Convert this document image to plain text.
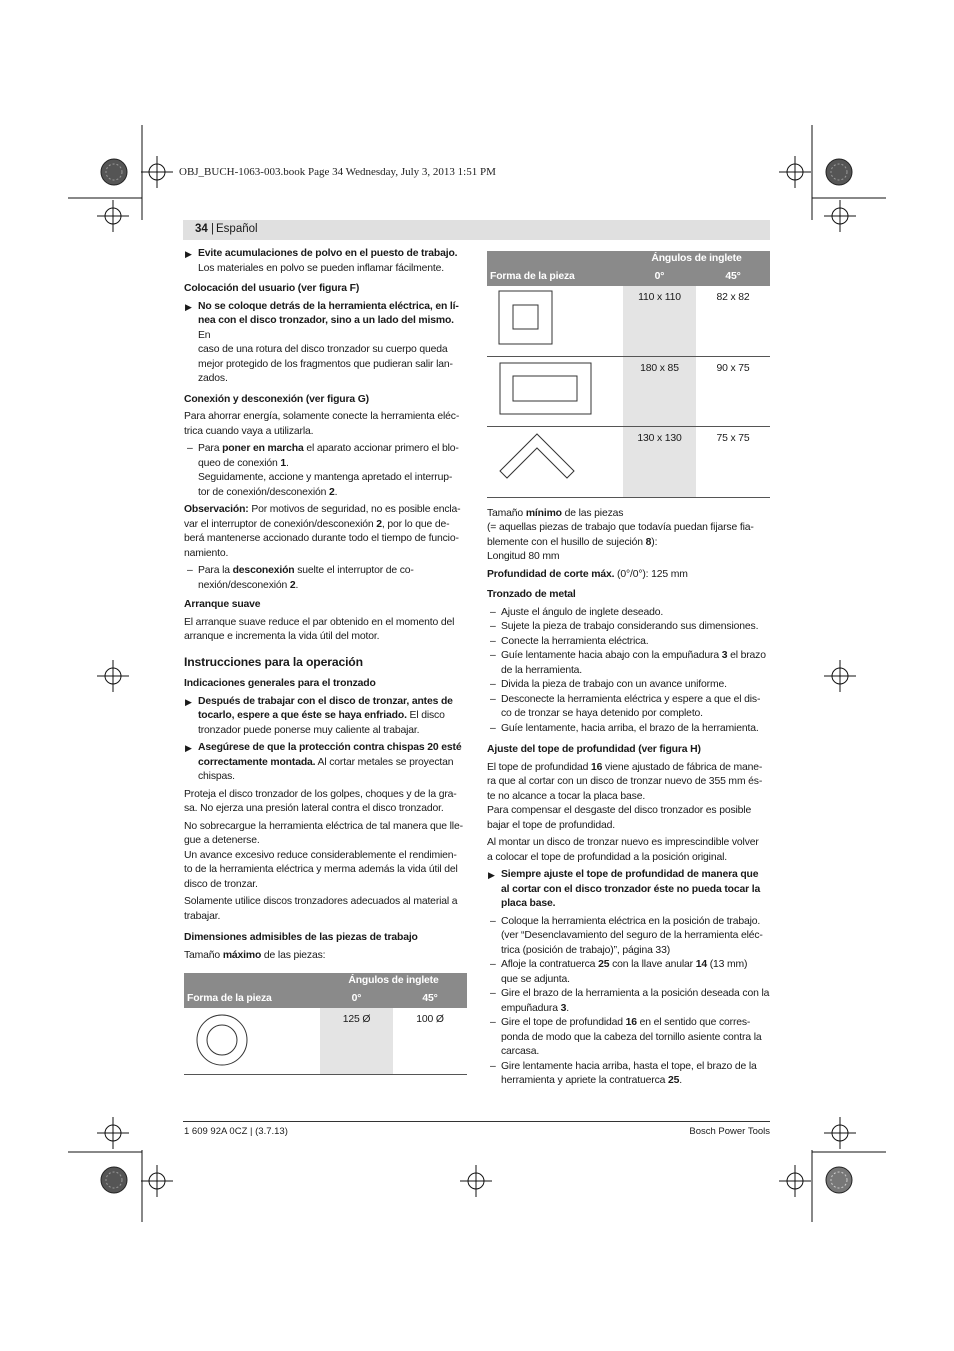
OBJ_BUCH-1063-003.book Page 34 Wednesday, July 3, 2013 1:51 PM
34 | Español
▶ Evite acumulaciones de polvo en el puesto de trabajo.
Los materiales en polvo se pueden inflamar fácilmente.
Colocación del usuario (ver figura F)
▶ No se coloque detrás de la herramienta eléctrica, en lí-
nea con el disco tronzador, sino a un lado del mismo. En
caso de una rotura del disco tronzador su cuerpo queda
mejor protegido de los fragmentos que pudieran salir lan-
zados.
Conexión y desconexión (ver figura G)

Para ahorrar energía, solamente conecte la herramienta eléc-
trica cuando vaya a utilizarla.

– Para poner en marcha el aparato accionar primero el blo-
queo de conexión 1.
Seguidamente, accione y mantenga apretado el interrup-
tor de conexión/desconexión 2.

Observación: Por motivos de seguridad, no es posible encla-
var el interruptor de conexión/desconexión 2, por lo que de-
berá mantenerse accionado durante todo el tiempo de funcio-
namiento.

– Para la desconexión suelte el interruptor de co-
nexión/desconexión 2.
Arranque suave

El arranque suave reduce el par obtenido en el momento del
arranque e incrementa la vida útil del motor.

Instrucciones para la operación
Indicaciones generales para el tronzado
▶ Después de trabajar con el disco de tronzar, antes de
tocarlo, espere a que éste se haya enfriado. El disco
tronzador puede ponerse muy caliente al trabajar.
▶ Asegúrese de que la protección contra chispas 20 esté
correctamente montada. Al cortar metales se proyectan
chispas.

Proteja el disco tronzador de los golpes, choques y de la gra-
sa. No ejerza una presión lateral contra el disco tronzador.

No sobrecargue la herramienta eléctrica de tal manera que lle-
gue a detenerse.
Un avance excesivo reduce considerablemente el rendimien-
to de la herramienta eléctrica y merma además la vida útil del
disco de tronzar.

Solamente utilice discos tronzadores adecuados al material a
trabajar.

Dimensiones admisibles de las piezas de trabajo

Tamaño máximo de las piezas:

	Ángulos de inglete	
Forma de la pieza	0°	45°
	125 Ø	100 Ø
	Ángulos de inglete	
Forma de la pieza	0°	45°
	110 x 110	82 x 82
	180 x 85	90 x 75
	130 x 130	75 x 75

Tamaño mínimo de las piezas
(= aquellas piezas de trabajo que todavía puedan fijarse fia-
blemente con el husillo de sujeción 8):
Longitud 80 mm

Profundidad de corte máx. (0°/0°): 125 mm

Tronzado de metal
– Ajuste el ángulo de inglete deseado.
– Sujete la pieza de trabajo considerando sus dimensiones.
– Conecte la herramienta eléctrica.
– Guíe lentamente hacia abajo con la empuñadura 3 el brazo
de la herramienta.
– Divida la pieza de trabajo con un avance uniforme.
– Desconecte la herramienta eléctrica y espere a que el dis-
co de tronzar se haya detenido por completo.
– Guíe lentamente, hacia arriba, el brazo de la herramienta.
Ajuste del tope de profundidad (ver figura H)

El tope de profundidad 16 viene ajustado de fábrica de mane-
ra que al cortar con un disco de tronzar nuevo de 355 mm és-
te no alcance a tocar la placa base.
Para compensar el desgaste del disco tronzador es posible
bajar el tope de profundidad.

Al montar un disco de tronzar nuevo es imprescindible volver
a colocar el tope de profundidad a la posición original.

▶ Siempre ajuste el tope de profundidad de manera que
al cortar con el disco tronzador éste no pueda tocar la
placa base.
– Coloque la herramienta eléctrica en la posición de trabajo.
(ver “Desenclavamiento del seguro de la herramienta eléc-
trica (posición de trabajo)”, página 33)
– Afloje la contratuerca 25 con la llave anular 14 (13 mm)
que se adjunta.
– Gire el brazo de la herramienta a la posición deseada con la
empuñadura 3.
– Gire el tope de profundidad 16 en el sentido que corres-
ponda de modo que la cabeza del tornillo asiente contra la
carcasa.
– Gire lentamente hacia arriba, hasta el tope, el brazo de la
herramienta y apriete la contratuerca 25.
1 609 92A 0CZ | (3.7.13)	Bosch Power Tools
